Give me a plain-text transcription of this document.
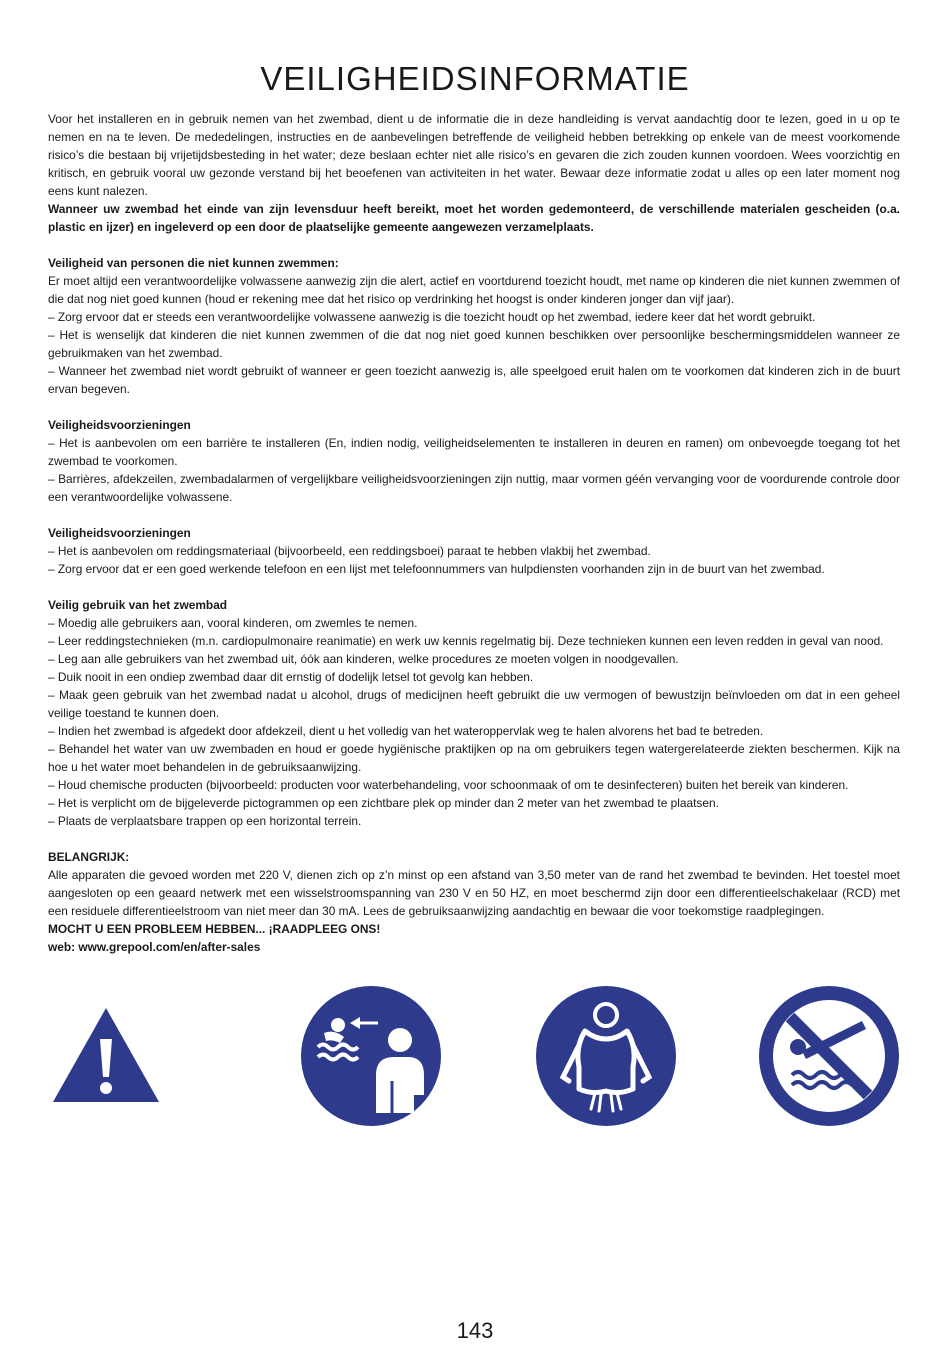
VEILIGHEIDSINFORMATIE

Voor het installeren en in gebruik nemen van het zwembad, dient u de informatie die in deze handleiding is vervat aandachtig door te lezen, goed in u op te nemen en na te leven. De mededelingen, instructies en de aanbevelingen betreffende de veiligheid hebben betrekking op enkele van de meest voorkomende risico’s die bestaan bij vrijetijdsbesteding in het water; deze beslaan echter niet alle risico’s en gevaren die zich zouden kunnen voordoen. Wees voorzichtig en kritisch, en gebruik vooral uw gezonde verstand bij het beoefenen van activiteiten in het water. Bewaar deze informatie zodat u alles op een later moment nog eens kunt nalezen.

Wanneer uw zwembad het einde van zijn levensduur heeft bereikt, moet het worden gedemonteerd, de verschillende materialen gescheiden (o.a. plastic en ijzer) en ingeleverd op een door de plaatselijke gemeente aangewezen verzamelplaats.

Veiligheid van personen die niet kunnen zwemmen:

Er moet altijd een verantwoordelijke volwassene aanwezig zijn die alert, actief en voortdurend toezicht houdt, met name op kinderen die niet kunnen zwemmen of die dat nog niet goed kunnen (houd er rekening mee dat het risico op verdrinking het hoogst is onder kinderen jonger dan vijf jaar).

– Zorg ervoor dat er steeds een verantwoordelijke volwassene aanwezig is die toezicht houdt op het zwembad, iedere keer dat het wordt gebruikt.

– Het is wenselijk dat kinderen die niet kunnen zwemmen of die dat nog niet goed kunnen beschikken over persoonlijke beschermingsmiddelen wanneer ze gebruikmaken van het zwembad.

– Wanneer het zwembad niet wordt gebruikt of wanneer er geen toezicht aanwezig is, alle speelgoed eruit halen om te voorkomen dat kinderen zich in de buurt ervan begeven.

Veiligheidsvoorzieningen

– Het is aanbevolen om een barrière te installeren (En, indien nodig, veiligheidselementen te installeren in deuren en ramen) om onbevoegde toegang tot het zwembad te voorkomen.

– Barrières, afdekzeilen, zwembadalarmen of vergelijkbare veiligheidsvoorzieningen zijn nuttig, maar vormen géén vervanging voor de voordurende controle door een verantwoordelijke volwassene.

Veiligheidsvoorzieningen

– Het is aanbevolen om reddingsmateriaal (bijvoorbeeld, een reddingsboei) paraat te hebben vlakbij het zwembad.

– Zorg ervoor dat er een goed werkende telefoon en een lijst met telefoonnummers van hulpdiensten voorhanden zijn in de buurt van het zwembad.

Veilig gebruik van het zwembad

– Moedig alle gebruikers aan, vooral kinderen, om zwemles te nemen.

– Leer reddingstechnieken (m.n. cardiopulmonaire reanimatie) en werk uw kennis regelmatig bij. Deze technieken kunnen een leven redden in geval van nood.

– Leg aan alle gebruikers van het zwembad uit, óók aan kinderen, welke procedures ze moeten volgen in noodgevallen.

– Duik nooit in een ondiep zwembad daar dit ernstig of dodelijk letsel tot gevolg kan hebben.

– Maak geen gebruik van het zwembad nadat u alcohol, drugs of medicijnen heeft gebruikt die uw vermogen of bewustzijn beïnvloeden om dat in een geheel veilige toestand te kunnen doen.

– Indien het zwembad is afgedekt door afdekzeil, dient u het volledig van het wateroppervlak weg te halen alvorens het bad te betreden.

– Behandel het water van uw zwembaden en houd er goede hygiënische praktijken op na om gebruikers tegen watergerelateerde ziekten beschermen. Kijk na hoe u het water moet behandelen in de gebruiksaanwijzing.

– Houd chemische producten (bijvoorbeeld: producten voor waterbehandeling, voor schoonmaak of om te desinfecteren) buiten het bereik van kinderen.

– Het is verplicht om de bijgeleverde pictogrammen op een zichtbare plek op minder dan 2 meter van het zwembad te plaatsen.

– Plaats de verplaatsbare trappen op een horizontal terrein.

BELANGRIJK:

Alle apparaten die gevoed worden met 220 V, dienen zich op z’n minst op een afstand van 3,50 meter van de rand het zwembad te bevinden. Het toestel moet aangesloten op een geaard netwerk met een wisselstroomspanning van 230 V en 50 HZ, en moet beschermd zijn door een differentieelschakelaar (RCD) met een residuele differentieelstroom van niet meer dan 30 mA. Lees de gebruiksaanwijzing aandachtig en bewaar die voor toekomstige raadplegingen.

MOCHT U EEN PROBLEEM HEBBEN... ¡RAADPLEEG ONS!

web: www.grepool.com/en/after-sales

143
